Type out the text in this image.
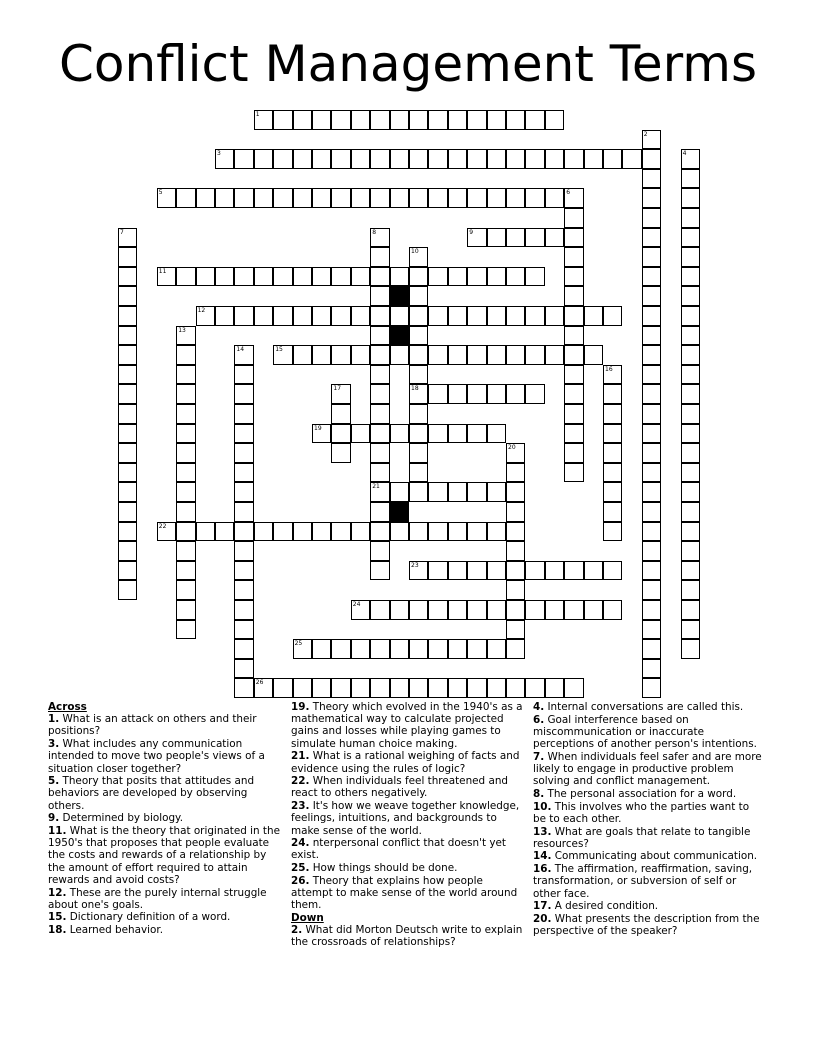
Conflict Management Terms
1
2
3	4
5	6
7	8
21
9
10
18
11
12
13
14	15
16
17
19
20
22
23
24
25
26

Across

1. What is an attack on others and their positions?

3. What includes any communication intended to move two people's views of a situation closer together?

5. Theory that posits that attitudes and behaviors are developed by observing others.

9. Determined by biology.

11. What is the theory that originated in the 1950's that proposes that people evaluate the costs and rewards of a relationship by the amount of effort required to attain rewards and avoid costs?

12. These are the purely internal struggle about one's goals.

15. Dictionary definition of a word.

18. Learned behavior.

19. Theory which evolved in the 1940's as a mathematical way to calculate projected gains and losses while playing games to simulate human choice making.

21. What is a rational weighing of facts and evidence using the rules of logic?

22. When individuals feel threatened and react to others negatively.

23. It's how we weave together knowledge, feelings, intuitions, and backgrounds to make sense of the world.

24. nterpersonal conflict that doesn't yet exist.

25. How things should be done.

26. Theory that explains how people attempt to make sense of the world around them.

Down

2. What did Morton Deutsch write to explain the crossroads of relationships?

4. Internal conversations are called this.

6. Goal interference based on miscommunication or inaccurate perceptions of another person's intentions.

7. When individuals feel safer and are more likely to engage in productive problem solving and conflict management.

8. The personal association for a word.

10. This involves who the parties want to be to each other.

13. What are goals that relate to tangible resources?

14. Communicating about communication.

16. The affirmation, reaffirmation, saving, transformation, or subversion of self or other face.

17. A desired condition.

20. What presents the description from the perspective of the speaker?
